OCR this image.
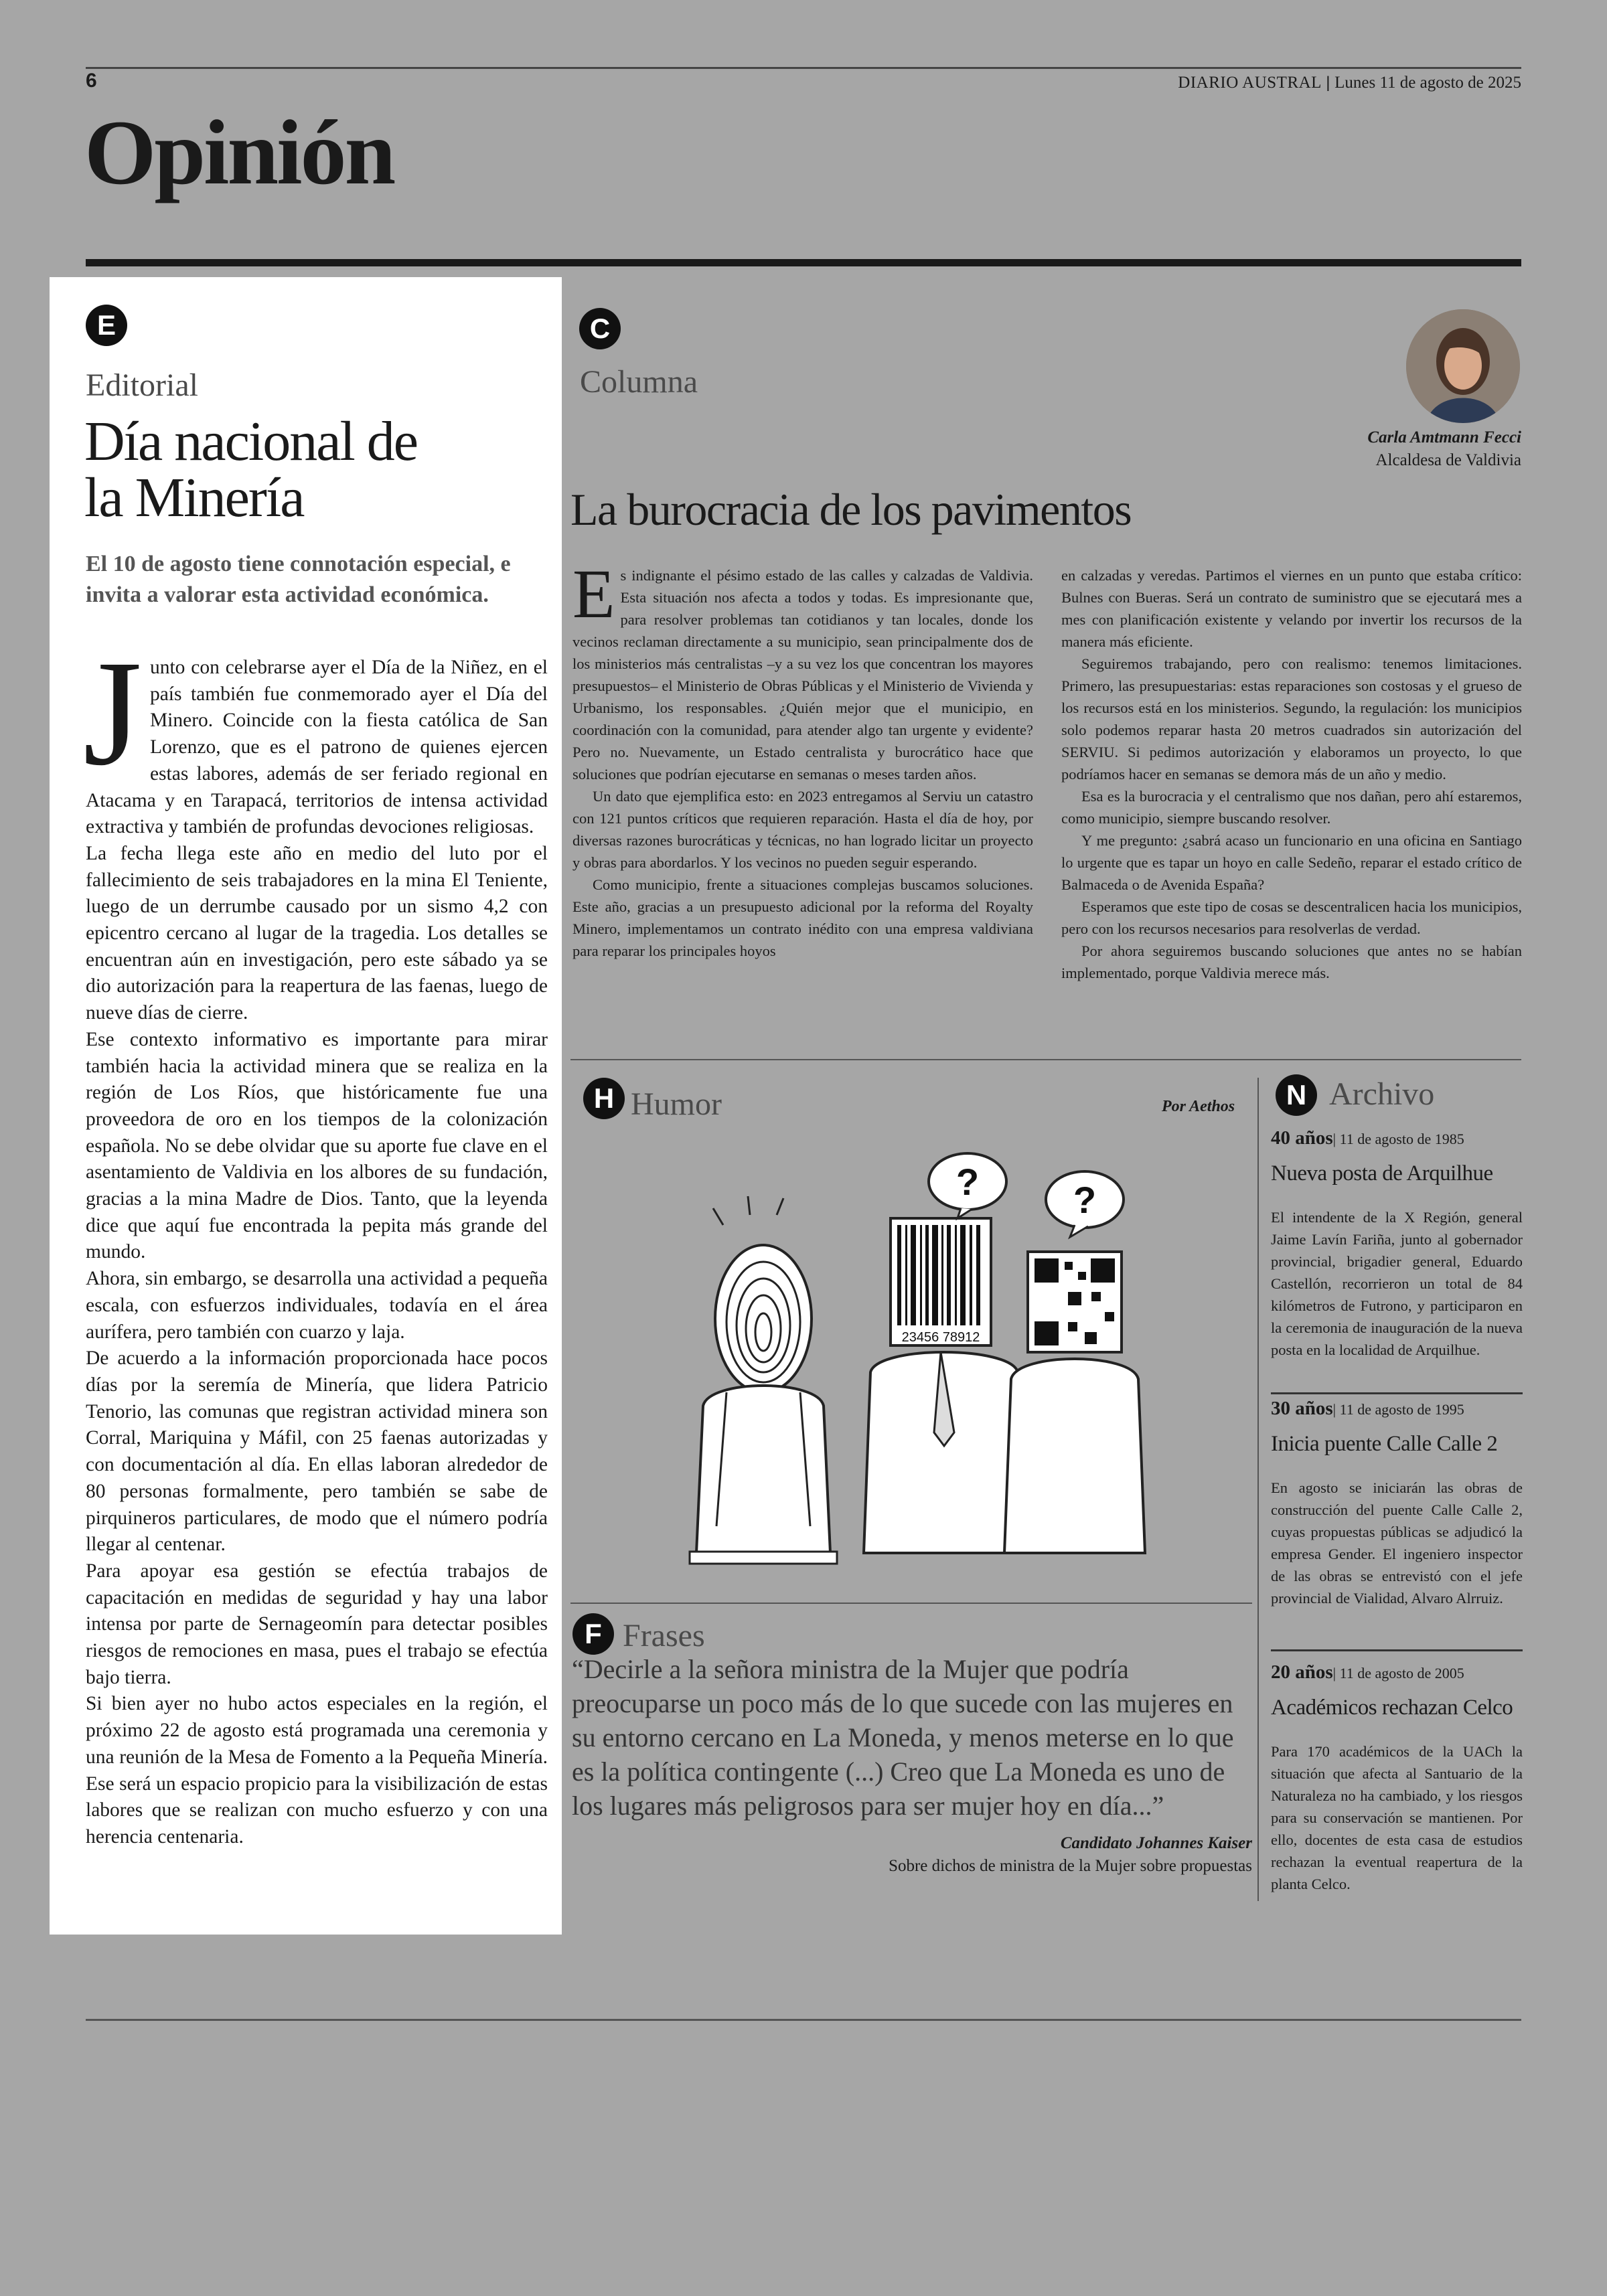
6	DIARIO AUSTRAL | Lunes 11 de agosto de 2025
Opinión
E
Editorial
Día nacional de
la Minería
El 10 de agosto tiene connotación especial, e invita a valorar esta actividad económica.
J unto con celebrarse ayer el Día de la Niñez, en el país también fue conmemorado ayer el Día del Minero. Coincide con la fiesta católica de San Lorenzo, que es el patrono de quienes ejercen estas labores, además de ser feriado regional en Atacama y en Tarapacá, territorios de intensa actividad extractiva y también de profundas devociones religiosas.

La fecha llega este año en medio del luto por el fallecimiento de seis trabajadores en la mina El Teniente, luego de un derrumbe causado por un sismo 4,2 con epicentro cercano al lugar de la tragedia. Los detalles se encuentran aún en investigación, pero este sábado ya se dio autorización para la reapertura de las faenas, luego de nueve días de cierre.

Ese contexto informativo es importante para mirar también hacia la actividad minera que se realiza en la región de Los Ríos, que históricamente fue una proveedora de oro en los tiempos de la colonización española. No se debe olvidar que su aporte fue clave en el asentamiento de Valdivia en los albores de su fundación, gracias a la mina Madre de Dios. Tanto, que la leyenda dice que aquí fue encontrada la pepita más grande del mundo.

Ahora, sin embargo, se desarrolla una actividad a pequeña escala, con esfuerzos individuales, todavía en el área aurífera, pero también con cuarzo y laja.

De acuerdo a la información proporcionada hace pocos días por la seremía de Minería, que lidera Patricio Tenorio, las comunas que registran actividad minera son Corral, Mariquina y Máfil, con 25 faenas autorizadas y con documentación al día. En ellas laboran alrededor de 80 personas formalmente, pero también se sabe de pirquineros particulares, de modo que el número podría llegar al centenar.

Para apoyar esa gestión se efectúa trabajos de capacitación en medidas de seguridad y hay una labor intensa por parte de Sernageomín para detectar posibles riesgos de remociones en masa, pues el trabajo se efectúa bajo tierra.

Si bien ayer no hubo actos especiales en la región, el próximo 22 de agosto está programada una ceremonia y una reunión de la Mesa de Fomento a la Pequeña Minería. Ese será un espacio propicio para la visibilización de estas labores que se realizan con mucho esfuerzo y con una herencia centenaria.

C
Columna
Carla Amtmann Fecci
Alcaldesa de Valdivia
La burocracia de los pavimentos
E s indignante el pésimo estado de las calles y calzadas de Valdivia. Esta situación nos afecta a todos y todas. Es impresionante que, para resolver problemas tan cotidianos y tan locales, donde los vecinos reclaman directamente a su municipio, sean principalmente dos de los ministerios más centralistas –y a su vez los que concentran los mayores presupuestos– el Ministerio de Obras Públicas y el Ministerio de Vivienda y Urbanismo, los responsables. ¿Quién mejor que el municipio, en coordinación con la comunidad, para atender algo tan urgente y evidente? Pero no. Nuevamente, un Estado centralista y burocrático hace que soluciones que podrían ejecutarse en semanas o meses tarden años.

Un dato que ejemplifica esto: en 2023 entregamos al Serviu un catastro con 121 puntos críticos que requieren reparación. Hasta el día de hoy, por diversas razones burocráticas y técnicas, no han logrado licitar un proyecto y obras para abordarlos. Y los vecinos no pueden seguir esperando.

Como municipio, frente a situaciones complejas buscamos soluciones. Este año, gracias a un presupuesto adicional por la reforma del Royalty Minero, implementamos un contrato inédito con una empresa valdiviana para reparar los principales hoyos

en calzadas y veredas. Partimos el viernes en un punto que estaba crítico: Bulnes con Bueras. Será un contrato de suministro que se ejecutará mes a mes con planificación existente y velando por invertir los recursos de la manera más eficiente.

Seguiremos trabajando, pero con realismo: tenemos limitaciones. Primero, las presupuestarias: estas reparaciones son costosas y el grueso de los recursos está en los ministerios. Segundo, la regulación: los municipios solo podemos reparar hasta 20 metros cuadrados sin autorización del SERVIU. Si pedimos autorización y elaboramos un proyecto, lo que podríamos hacer en semanas se demora más de un año y medio.

Esa es la burocracia y el centralismo que nos dañan, pero ahí estaremos, como municipio, siempre buscando resolver.

Y me pregunto: ¿sabrá acaso un funcionario en una oficina en Santiago lo urgente que es tapar un hoyo en calle Sedeño, reparar el estado crítico de Balmaceda o de Avenida España?

Esperamos que este tipo de cosas se descentralicen hacia los municipios, pero con los recursos necesarios para resolverlas de verdad.

Por ahora seguiremos buscando soluciones que antes no se habían implementado, porque Valdivia merece más.

H Humor	Por Aethos
23456 78912
?	?
F Frases
“Decirle a la señora ministra de la Mujer que podría preocuparse un poco más de lo que sucede con las mujeres en su entorno cercano en La Moneda, y menos meterse en lo que es la política contingente (...) Creo que La Moneda es uno de los lugares más peligrosos para ser mujer hoy en día...”
Candidato Johannes Kaiser
Sobre dichos de ministra de la Mujer sobre propuestas
N Archivo
40 años| 11 de agosto de 1985
Nueva posta de Arquilhue
El intendente de la X Región, general Jaime Lavín Fariña, junto al gobernador provincial, brigadier general, Eduardo Castellón, recorrieron un total de 84 kilómetros de Futrono, y participaron en la ceremonia de inauguración de la nueva posta en la localidad de Arquilhue.
30 años| 11 de agosto de 1995
Inicia puente Calle Calle 2
En agosto se iniciarán las obras de construcción del puente Calle Calle 2, cuyas propuestas públicas se adjudicó la empresa Gender. El ingeniero inspector de las obras se entrevistó con el jefe provincial de Vialidad, Alvaro Alrruiz.
20 años| 11 de agosto de 2005
Académicos rechazan Celco
Para 170 académicos de la UACh la situación que afecta al Santuario de la Naturaleza no ha cambiado, y los riesgos para su conservación se mantienen. Por ello, docentes de esta casa de estudios rechazan la eventual reapertura de la planta Celco.
